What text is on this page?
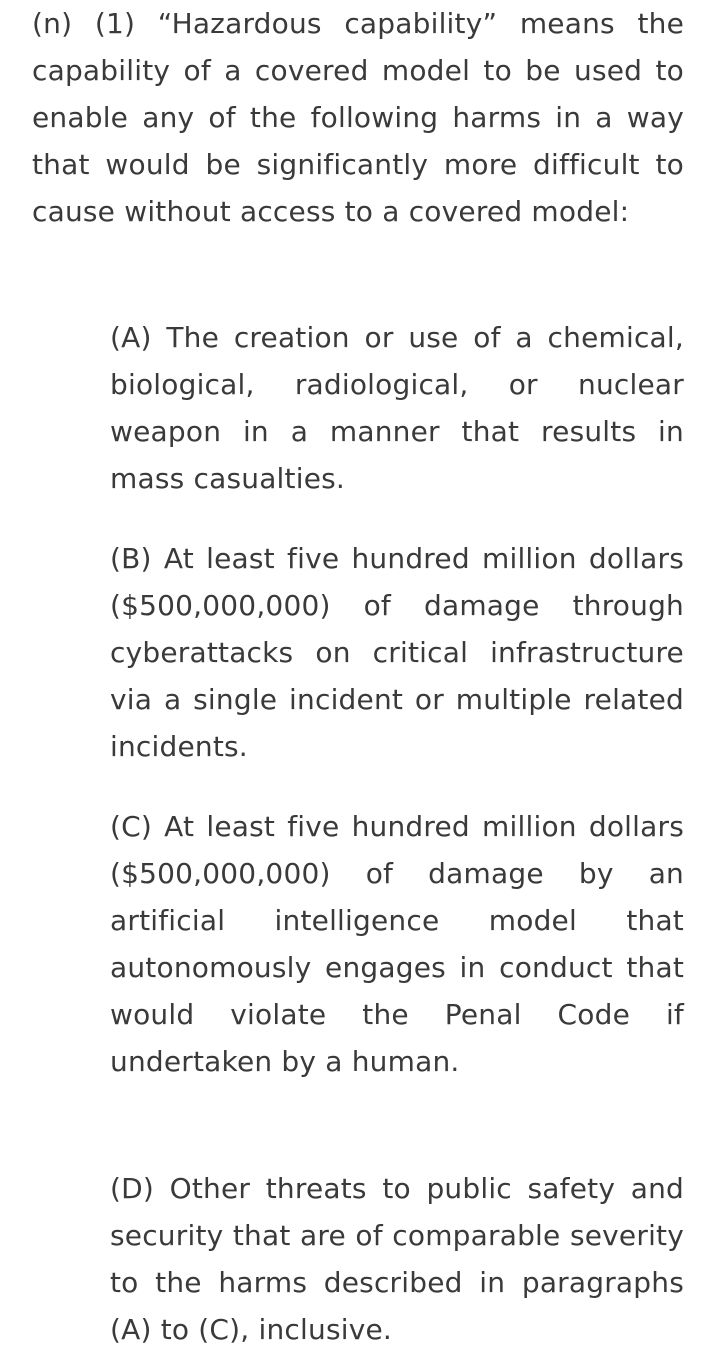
(n) (1) “Hazardous capability” means the capability of a covered model to be used to enable any of the following harms in a way that would be significantly more difficult to cause without access to a covered model:

(A) The creation or use of a chemical, biological, radiological, or nuclear weapon in a manner that results in mass casualties.

(B) At least five hundred million dollars ($500,000,000) of damage through cyberattacks on critical infrastructure via a single incident or multiple related incidents.

(C) At least five hundred million dollars ($500,000,000) of damage by an artificial intelligence model that autonomously engages in conduct that would violate the Penal Code if undertaken by a human.

(D) Other threats to public safety and security that are of comparable severity to the harms described in paragraphs (A) to (C), inclusive.
